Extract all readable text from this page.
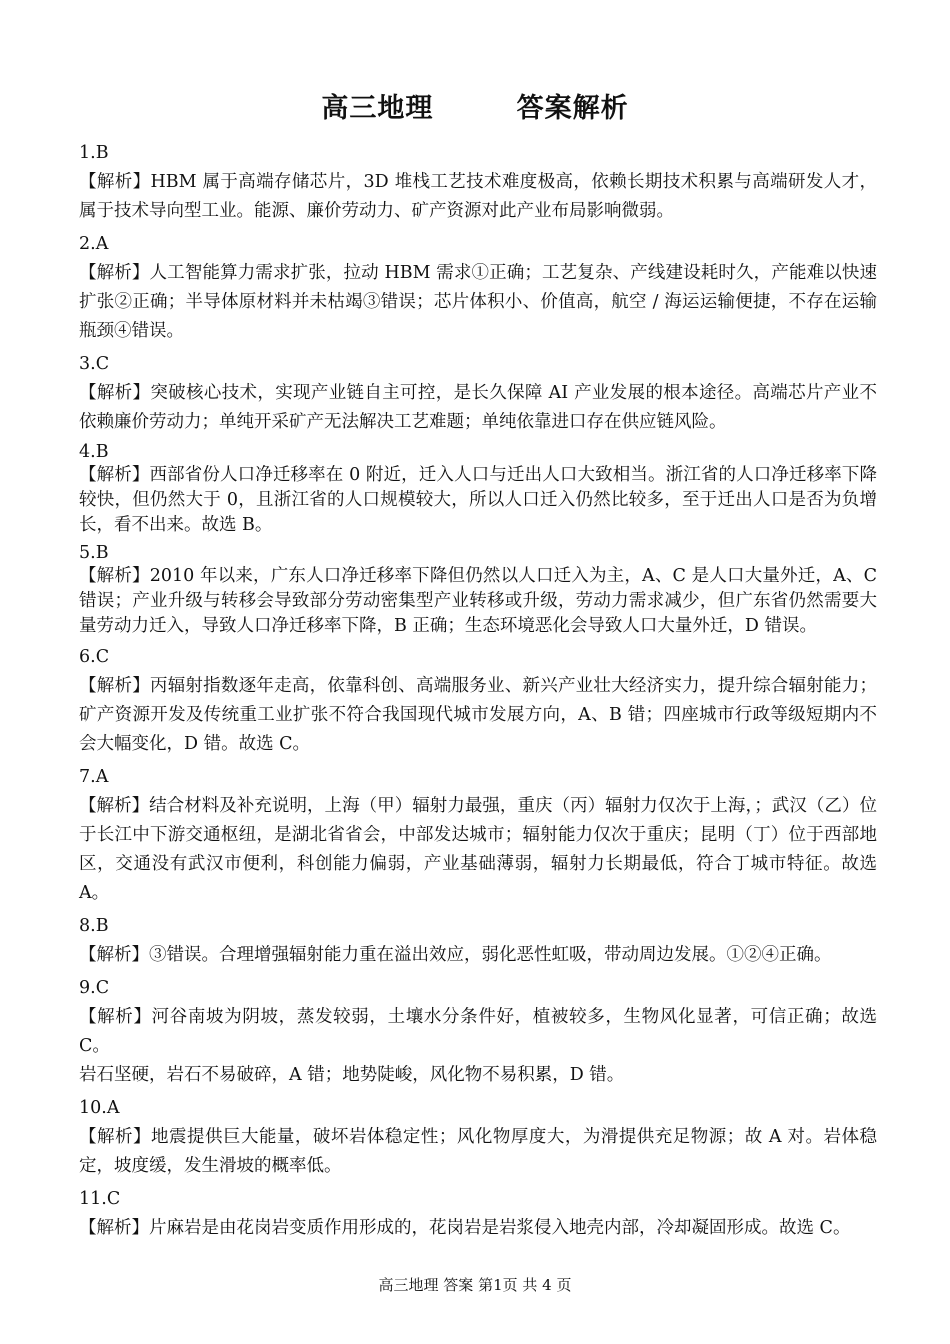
高三地理        答案解析
1.B
【解析】HBM 属于高端存储芯片，3D 堆栈工艺技术难度极高，依赖长期技术积累与高端研发人才，属于技术导向型工业。能源、廉价劳动力、矿产资源对此产业布局影响微弱。
2.A
【解析】人工智能算力需求扩张，拉动 HBM 需求①正确；工艺复杂、产线建设耗时久，产能难以快速扩张②正确；半导体原材料并未枯竭③错误；芯片体积小、价值高，航空 / 海运运输便捷，不存在运输瓶颈④错误。
3.C
【解析】突破核心技术，实现产业链自主可控，是长久保障 AI 产业发展的根本途径。高端芯片产业不依赖廉价劳动力；单纯开采矿产无法解决工艺难题；单纯依靠进口存在供应链风险。
4.B
【解析】西部省份人口净迁移率在 0 附近，迁入人口与迁出人口大致相当。浙江省的人口净迁移率下降较快，但仍然大于 0，且浙江省的人口规模较大，所以人口迁入仍然比较多，至于迁出人口是否为负增长，看不出来。故选 B。
5.B
【解析】2010 年以来，广东人口净迁移率下降但仍然以人口迁入为主，A、C 是人口大量外迁，A、C 错误；产业升级与转移会导致部分劳动密集型产业转移或升级，劳动力需求减少，但广东省仍然需要大量劳动力迁入，导致人口净迁移率下降，B 正确；生态环境恶化会导致人口大量外迁，D 错误。
6.C
【解析】丙辐射指数逐年走高，依靠科创、高端服务业、新兴产业壮大经济实力，提升综合辐射能力；矿产资源开发及传统重工业扩张不符合我国现代城市发展方向，A、B 错；四座城市行政等级短期内不会大幅变化，D 错。故选 C。
7.A
【解析】结合材料及补充说明，上海（甲）辐射力最强，重庆（丙）辐射力仅次于上海，；武汉（乙）位于长江中下游交通枢纽，是湖北省省会，中部发达城市；辐射能力仅次于重庆；昆明（丁）位于西部地区，交通没有武汉市便利，科创能力偏弱，产业基础薄弱，辐射力长期最低，符合丁城市特征。故选 A。
8.B
【解析】③错误。合理增强辐射能力重在溢出效应，弱化恶性虹吸，带动周边发展。①②④正确。
9.C
【解析】河谷南坡为阴坡，蒸发较弱，土壤水分条件好，植被较多，生物风化显著，可信正确；故选 C。
岩石坚硬，岩石不易破碎，A 错；地势陡峻，风化物不易积累，D 错。
10.A
【解析】地震提供巨大能量，破坏岩体稳定性；风化物厚度大，为滑提供充足物源；故 A 对。岩体稳定，坡度缓，发生滑坡的概率低。
11.C
【解析】片麻岩是由花岗岩变质作用形成的，花岗岩是岩浆侵入地壳内部，冷却凝固形成。故选 C。
高三地理 答案 第1页 共 4 页
